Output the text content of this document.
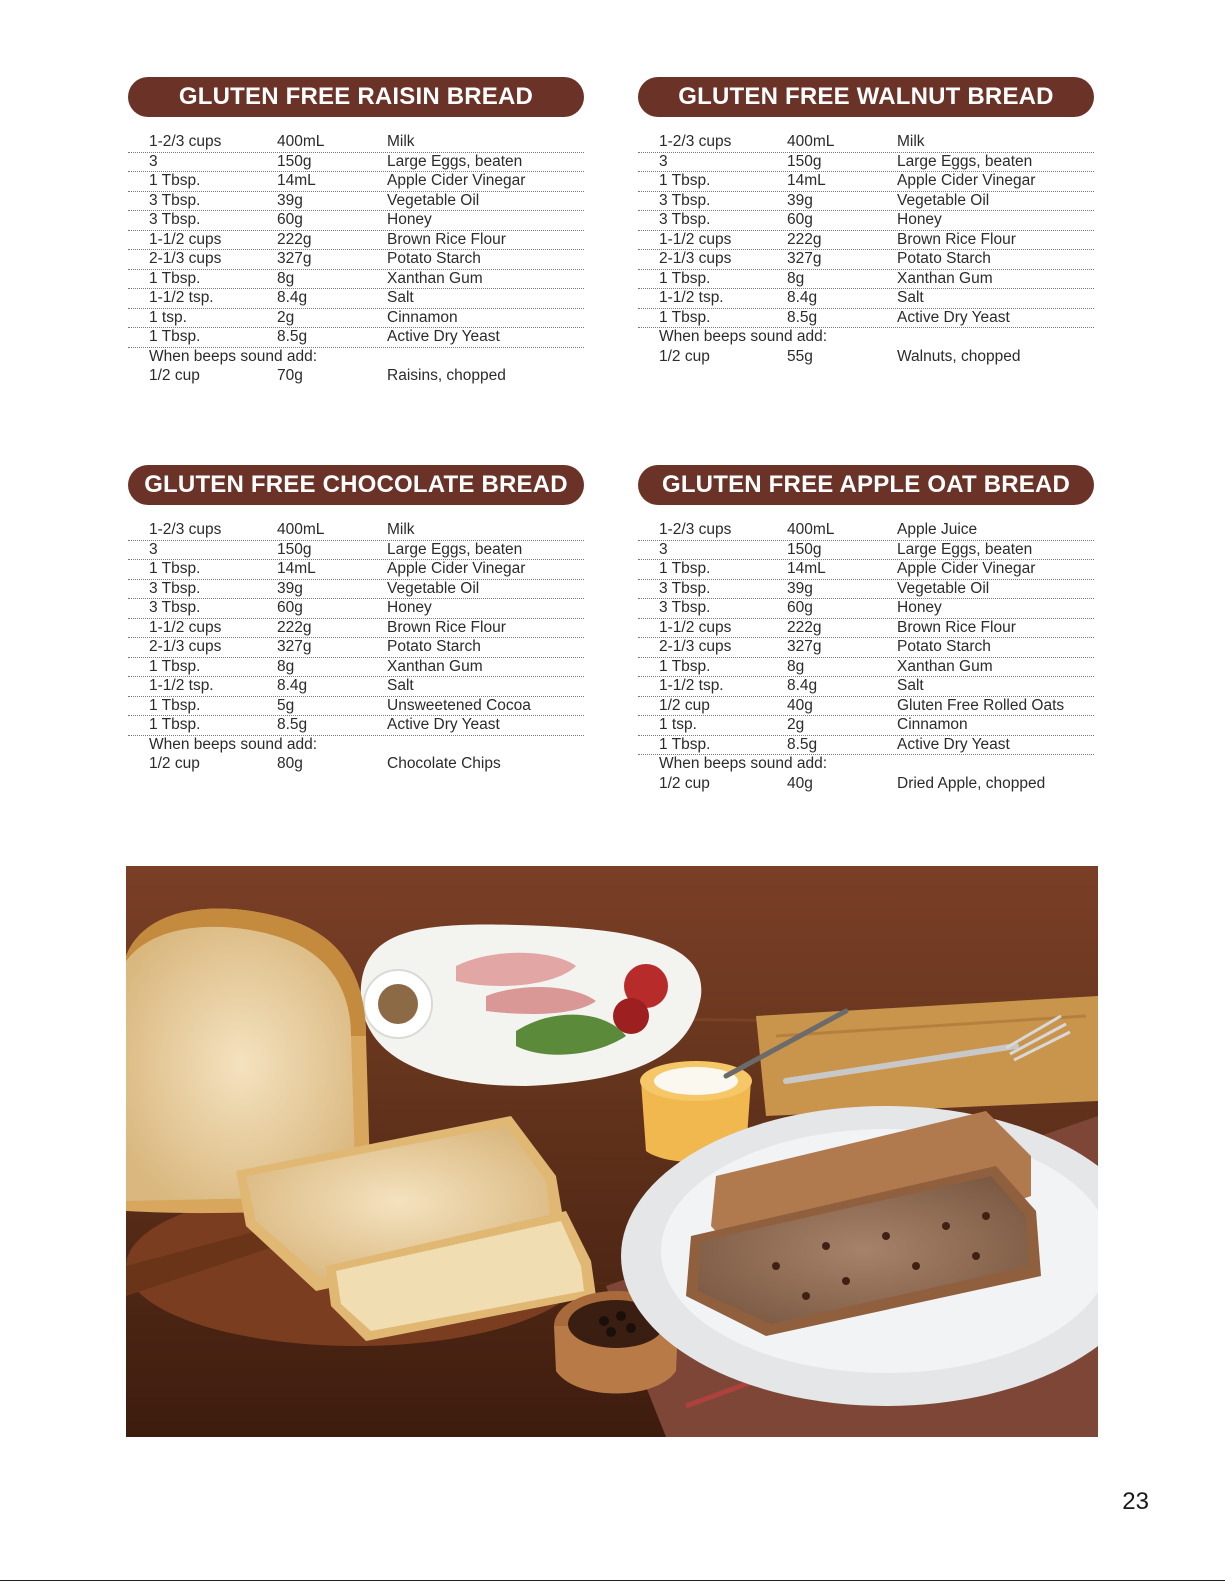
GLUTEN FREE RAISIN BREAD
1-2/3 cups	400mL	Milk
3	150g	Large Eggs, beaten
1 Tbsp.	14mL	Apple Cider Vinegar
3 Tbsp.	39g	Vegetable Oil
3 Tbsp.	60g	Honey
1-1/2 cups	222g	Brown Rice Flour
2-1/3 cups	327g	Potato Starch
1 Tbsp.	8g	Xanthan Gum
1-1/2 tsp.	8.4g	Salt
1 tsp.	2g	Cinnamon
1 Tbsp.	8.5g	Active Dry Yeast
When beeps sound add:
1/2 cup	70g	Raisins, chopped
GLUTEN FREE WALNUT BREAD
1-2/3 cups	400mL	Milk
3	150g	Large Eggs, beaten
1 Tbsp.	14mL	Apple Cider Vinegar
3 Tbsp.	39g	Vegetable Oil
3 Tbsp.	60g	Honey
1-1/2 cups	222g	Brown Rice Flour
2-1/3 cups	327g	Potato Starch
1 Tbsp.	8g	Xanthan Gum
1-1/2 tsp.	8.4g	Salt
1 Tbsp.	8.5g	Active Dry Yeast
When beeps sound add:
1/2 cup	55g	Walnuts, chopped
GLUTEN FREE CHOCOLATE BREAD
1-2/3 cups	400mL	Milk
3	150g	Large Eggs, beaten
1 Tbsp.	14mL	Apple Cider Vinegar
3 Tbsp.	39g	Vegetable Oil
3 Tbsp.	60g	Honey
1-1/2 cups	222g	Brown Rice Flour
2-1/3 cups	327g	Potato Starch
1 Tbsp.	8g	Xanthan Gum
1-1/2 tsp.	8.4g	Salt
1 Tbsp.	5g	Unsweetened Cocoa
1 Tbsp.	8.5g	Active Dry Yeast
When beeps sound add:
1/2 cup	80g	Chocolate Chips
GLUTEN FREE APPLE OAT BREAD
1-2/3 cups	400mL	Apple Juice
3	150g	Large Eggs, beaten
1 Tbsp.	14mL	Apple Cider Vinegar
3 Tbsp.	39g	Vegetable Oil
3 Tbsp.	60g	Honey
1-1/2 cups	222g	Brown Rice Flour
2-1/3 cups	327g	Potato Starch
1 Tbsp.	8g	Xanthan Gum
1-1/2 tsp.	8.4g	Salt
1/2 cup	40g	Gluten Free Rolled Oats
1 tsp.	2g	Cinnamon
1 Tbsp.	8.5g	Active Dry Yeast
When beeps sound add:
1/2 cup	40g	Dried Apple, chopped
23
